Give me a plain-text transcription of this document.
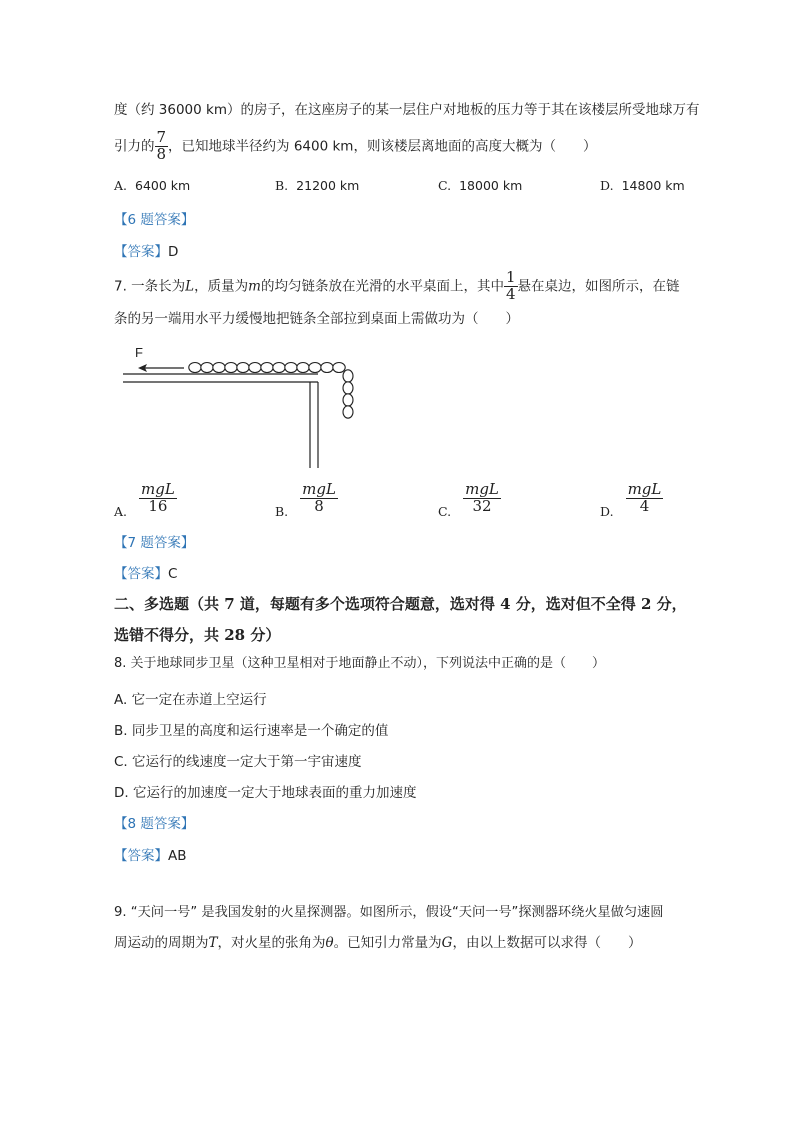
度（约 36000 km）的房子，在这座房子的某一层住户对地板的压力等于其在该楼层所受地球万有
引力的 $\frac{7}{8}$ ，已知地球半径约为 6400 km，则该楼层离地面的高度大概为（　　）
A. 6400 km	B. 21200 km	C. 18000 km	D. 14800 km
【6 题答案】
【答案】D
7. 一条长为L，质量为m的均匀链条放在光滑的水平桌面上，其中 $\frac{1}{4}$ 悬在桌边，如图所示，在链
条的另一端用水平力缓慢地把链条全部拉到桌面上需做功为（　　）
F
A. $\frac{\text{mgL}}{16}$	B. $\frac{\text{mgL}}{8}$	C. $\frac{\text{mgL}}{32}$	D. $\frac{\text{mgL}}{4}$
【7 题答案】
【答案】C
二、多选题（共 7 道，每题有多个选项符合题意，选对得 4 分，选对但不全得 2 分，
选错不得分，共 28 分）
8. 关于地球同步卫星（这种卫星相对于地面静止不动），下列说法中正确的是（　　）
A. 它一定在赤道上空运行
B. 同步卫星的高度和运行速率是一个确定的值
C. 它运行的线速度一定大于第一宇宙速度
D. 它运行的加速度一定大于地球表面的重力加速度
【8 题答案】
【答案】AB
9. “天问一号” 是我国发射的火星探测器。如图所示，假设“天问一号”探测器环绕火星做匀速圆
周运动的周期为T，对火星的张角为θ。已知引力常量为G，由以上数据可以求得（　　）
